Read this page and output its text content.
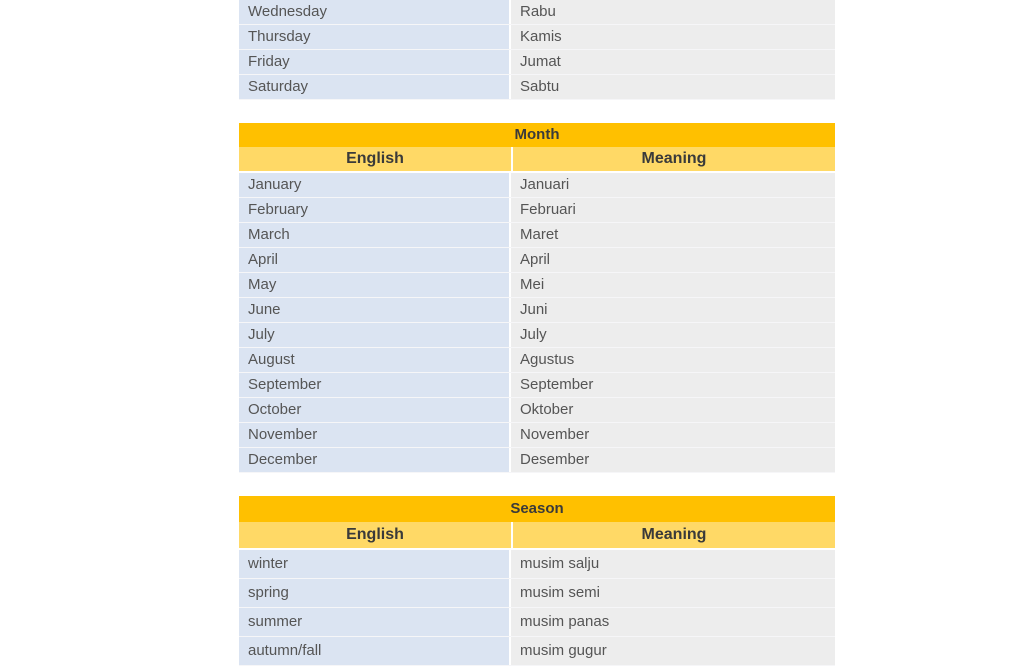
Wednesday	Rabu
Thursday	Kamis
Friday	Jumat
Saturday	Sabtu
Month
English	Meaning
January	Januari
February	Februari
March	Maret
April	April
May	Mei
June	Juni
July	July
August	Agustus
September	September
October	Oktober
November	November
December	Desember
Season
English	Meaning
winter	musim salju
spring	musim semi
summer	musim panas
autumn/fall	musim gugur
